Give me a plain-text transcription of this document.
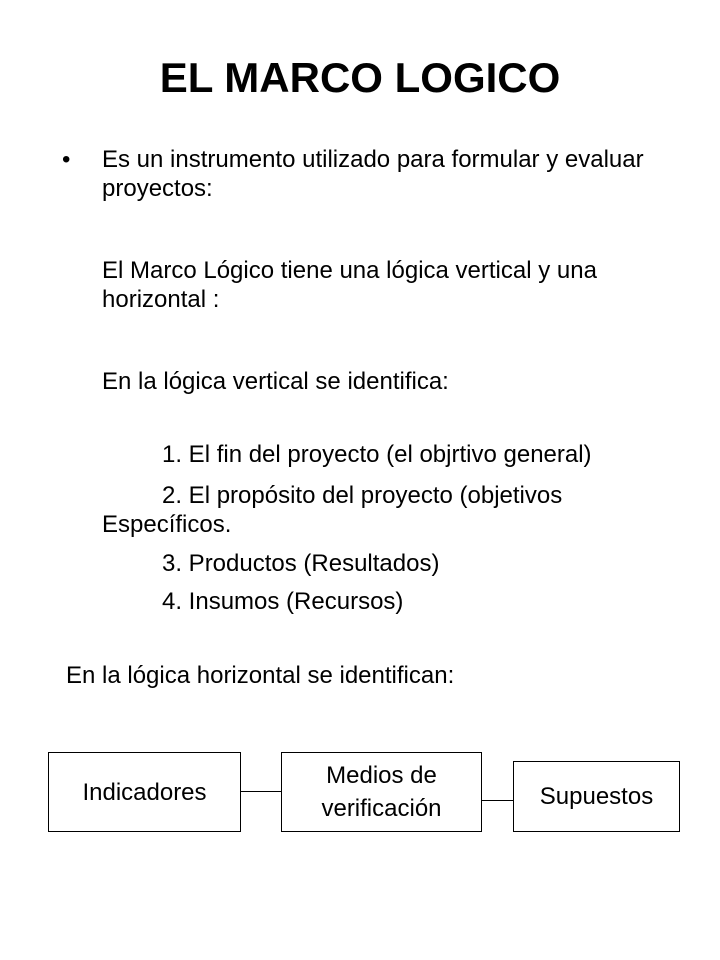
EL MARCO LOGICO
• Es un instrumento utilizado para formular y evaluar proyectos:

El Marco Lógico tiene una lógica vertical y una horizontal :

En la lógica vertical se identifica:

1. El fin del proyecto (el objrtivo general)

2. El propósito del proyecto (objetivos

Específicos.

3. Productos (Resultados)

4. Insumos (Recursos)

En la lógica horizontal se identifican:

Indicadores
Medios de verificación	Supuestos
